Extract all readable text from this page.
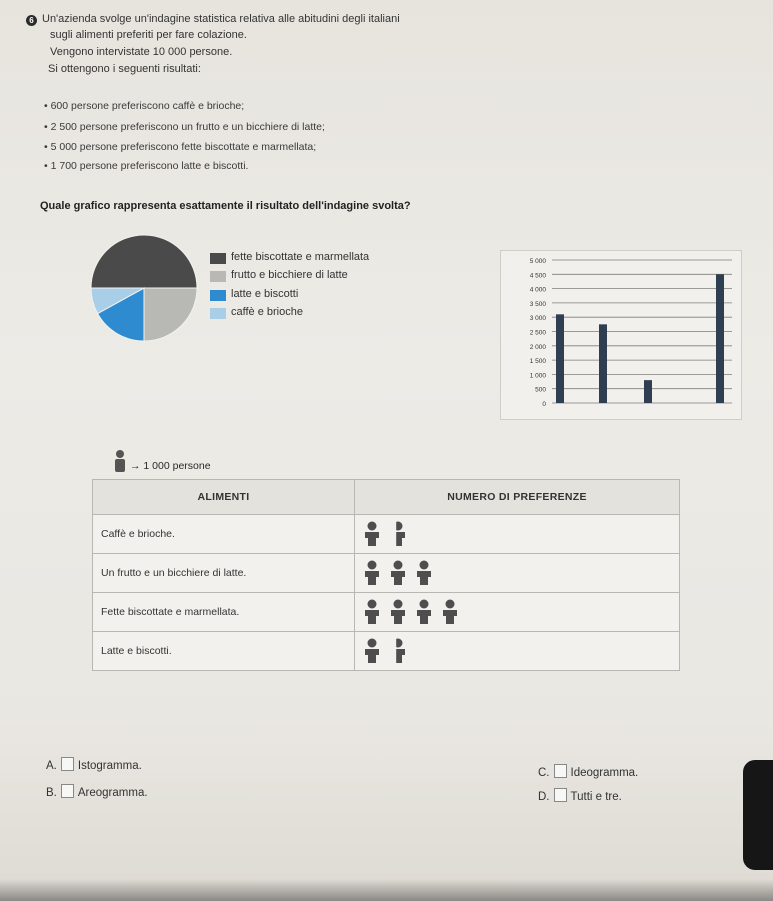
6 Un'azienda svolge un'indagine statistica relativa alle abitudini degli italiani
sugli alimenti preferiti per fare colazione.
Vengono intervistate 10 000 persone.
Si ottengono i seguenti risultati:
• 600 persone preferiscono caffè e brioche;
• 2 500 persone preferiscono un frutto e un bicchiere di latte;
• 5 000 persone preferiscono fette biscottate e marmellata;
• 1 700 persone preferiscono latte e biscotti.
Quale grafico rappresenta esattamente il risultato dell'indagine svolta?
fette biscottate e marmellata
frutto e bicchiere di latte
latte e biscotti
caffè e brioche
5 000
4 500
4 000
3 500
3 000
2 500
2 000
1 500
1 000
500
0
→ 1 000 persone
ALIMENTI	NUMERO DI PREFERENZE
Caffè e brioche.	

Un frutto e un bicchiere di latte.	

Fette biscottate e marmellata.	

Latte e biscotti.	
A. Istogramma.
B. Areogramma.
C. Ideogramma.
D. Tutti e tre.
